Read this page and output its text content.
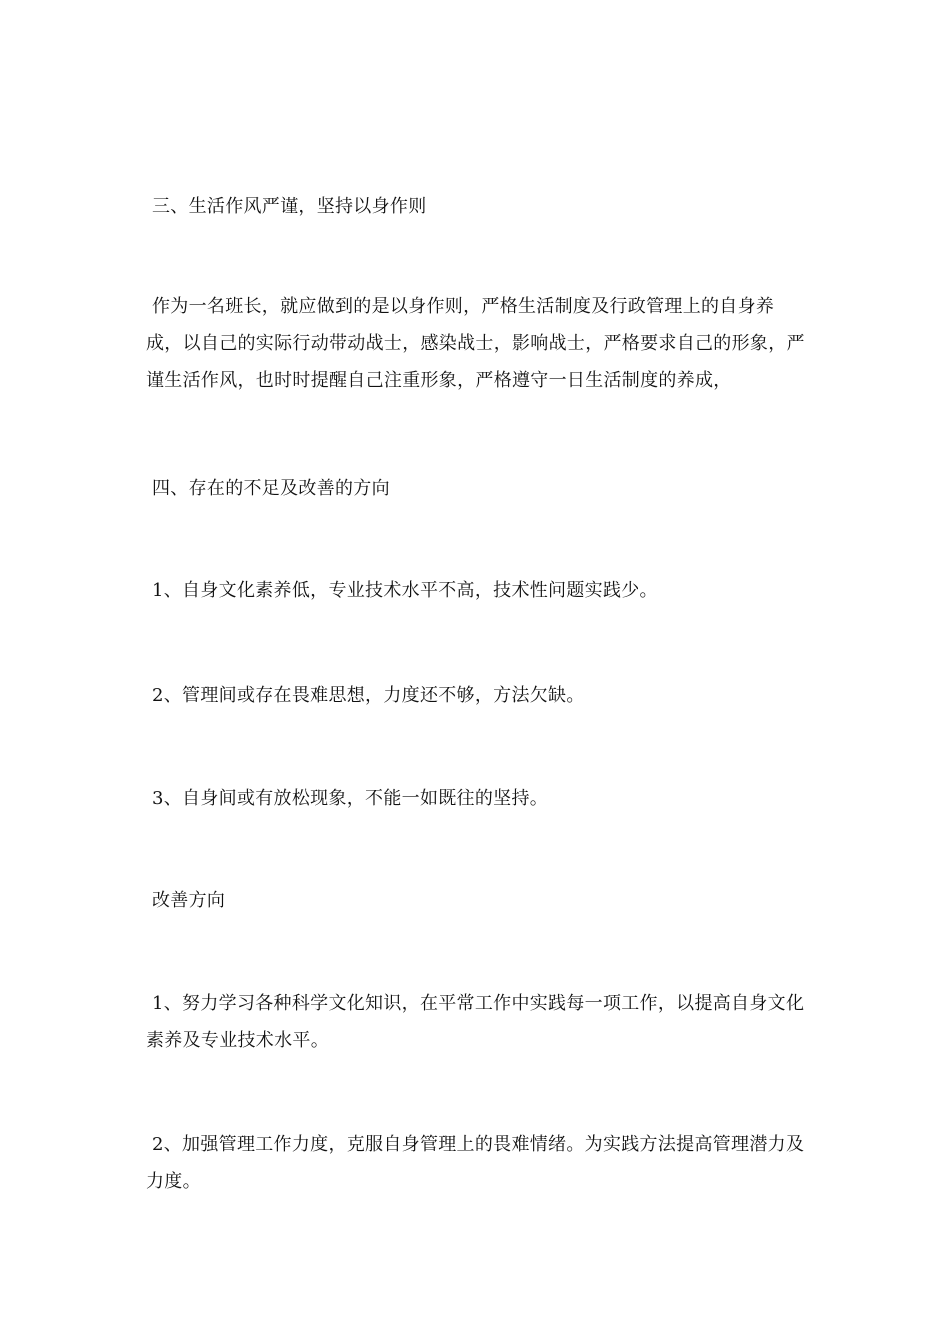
三、生活作风严谨，坚持以身作则
作为一名班长，就应做到的是以身作则，严格生活制度及行政管理上的自身养成，以自己的实际行动带动战士，感染战士，影响战士，严格要求自己的形象，严谨生活作风，也时时提醒自己注重形象，严格遵守一日生活制度的养成，
四、存在的不足及改善的方向
1、自身文化素养低，专业技术水平不高，技术性问题实践少。
2、管理间或存在畏难思想，力度还不够，方法欠缺。
3、自身间或有放松现象，不能一如既往的坚持。
改善方向
1、努力学习各种科学文化知识，在平常工作中实践每一项工作，以提高自身文化素养及专业技术水平。
2、加强管理工作力度，克服自身管理上的畏难情绪。为实践方法提高管理潜力及力度。
